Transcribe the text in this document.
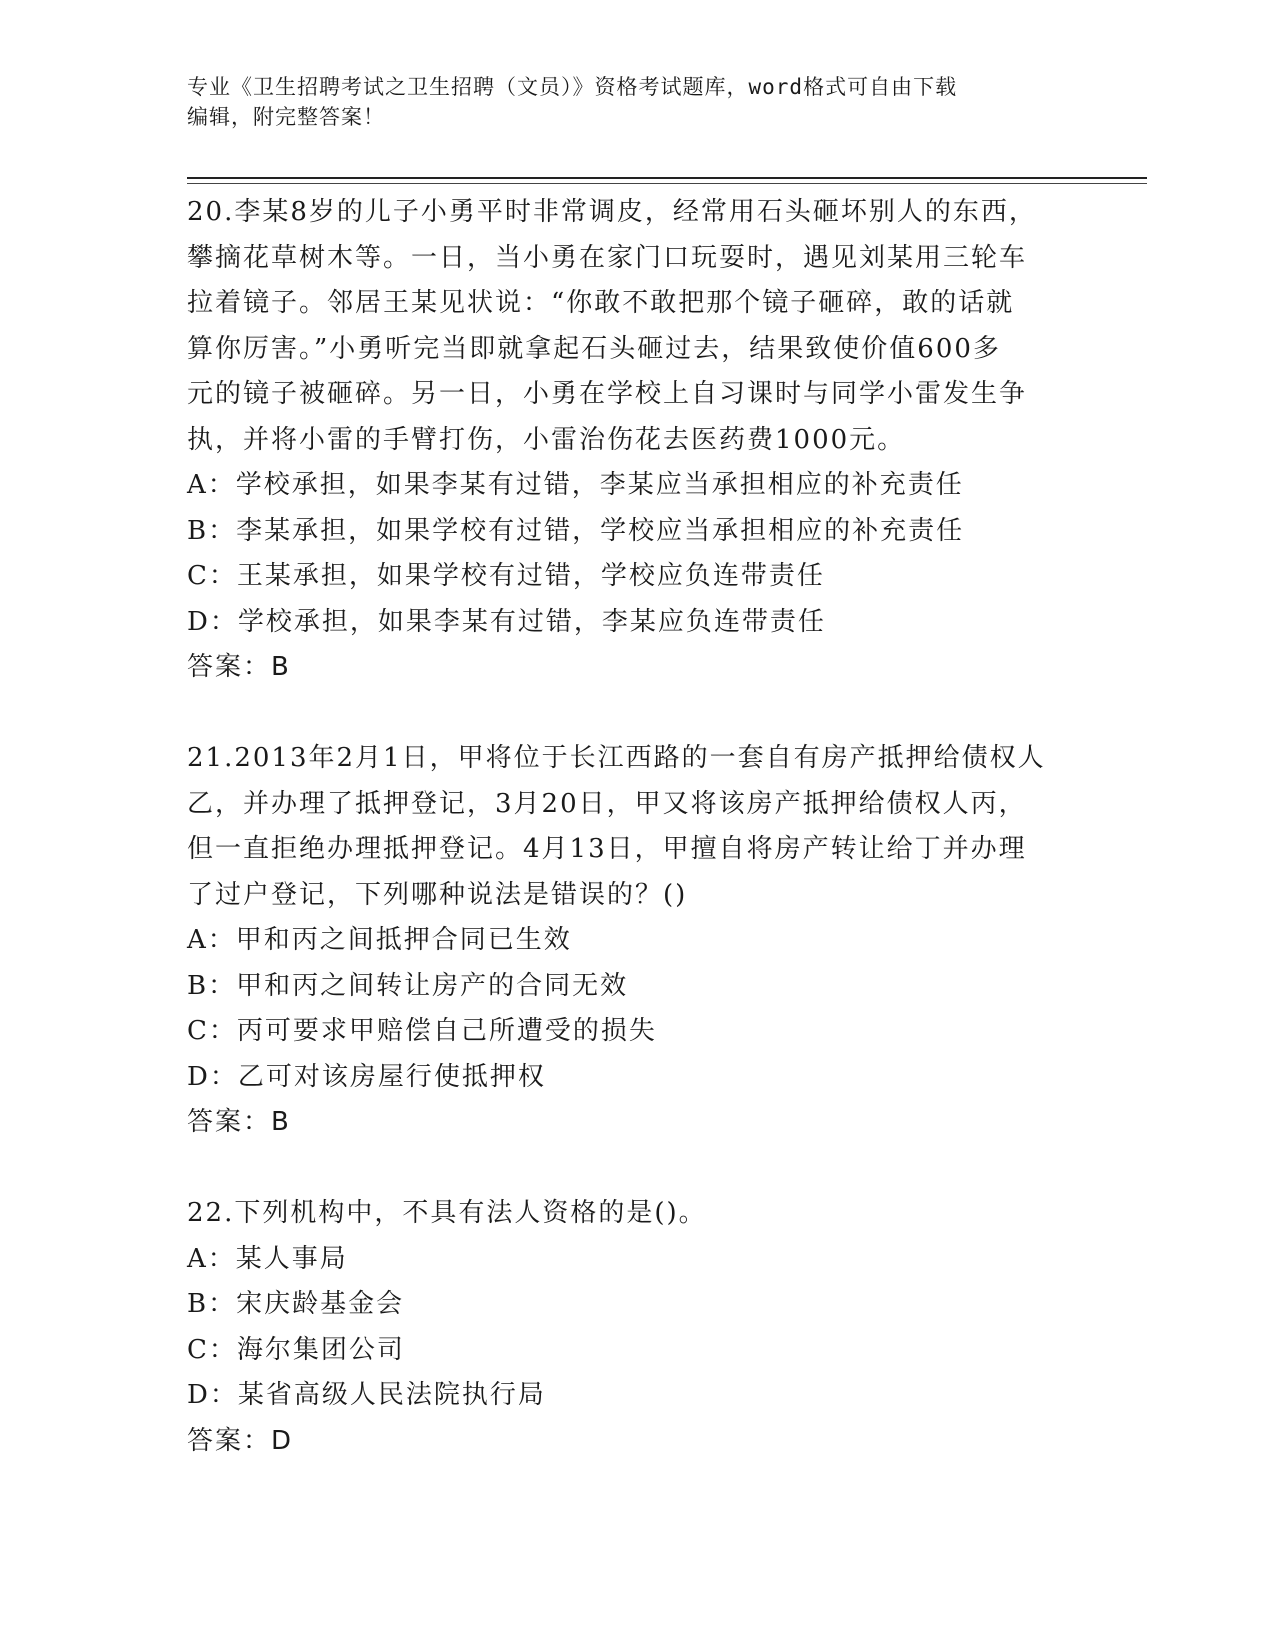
专业《卫生招聘考试之卫生招聘（文员）》资格考试题库，word格式可自由下载

编辑，附完整答案！

20.李某8岁的儿子小勇平时非常调皮，经常用石头砸坏别人的东西，
攀摘花草树木等。一日，当小勇在家门口玩耍时，遇见刘某用三轮车
拉着镜子。邻居王某见状说：“你敢不敢把那个镜子砸碎，敢的话就
算你厉害。”小勇听完当即就拿起石头砸过去，结果致使价值600多
元的镜子被砸碎。另一日，小勇在学校上自习课时与同学小雷发生争
执，并将小雷的手臂打伤，小雷治伤花去医药费1000元。
A：学校承担，如果李某有过错，李某应当承担相应的补充责任
B：李某承担，如果学校有过错，学校应当承担相应的补充责任
C：王某承担，如果学校有过错，学校应负连带责任
D：学校承担，如果李某有过错，李某应负连带责任
答案：B
21.2013年2月1日，甲将位于长江西路的一套自有房产抵押给债权人
乙，并办理了抵押登记，3月20日，甲又将该房产抵押给债权人丙，
但一直拒绝办理抵押登记。4月13日，甲擅自将房产转让给丁并办理
了过户登记，下列哪种说法是错误的？()
A：甲和丙之间抵押合同已生效
B：甲和丙之间转让房产的合同无效
C：丙可要求甲赔偿自己所遭受的损失
D：乙可对该房屋行使抵押权
答案：B
22.下列机构中，不具有法人资格的是()。
A：某人事局
B：宋庆龄基金会
C：海尔集团公司
D：某省高级人民法院执行局
答案：D
